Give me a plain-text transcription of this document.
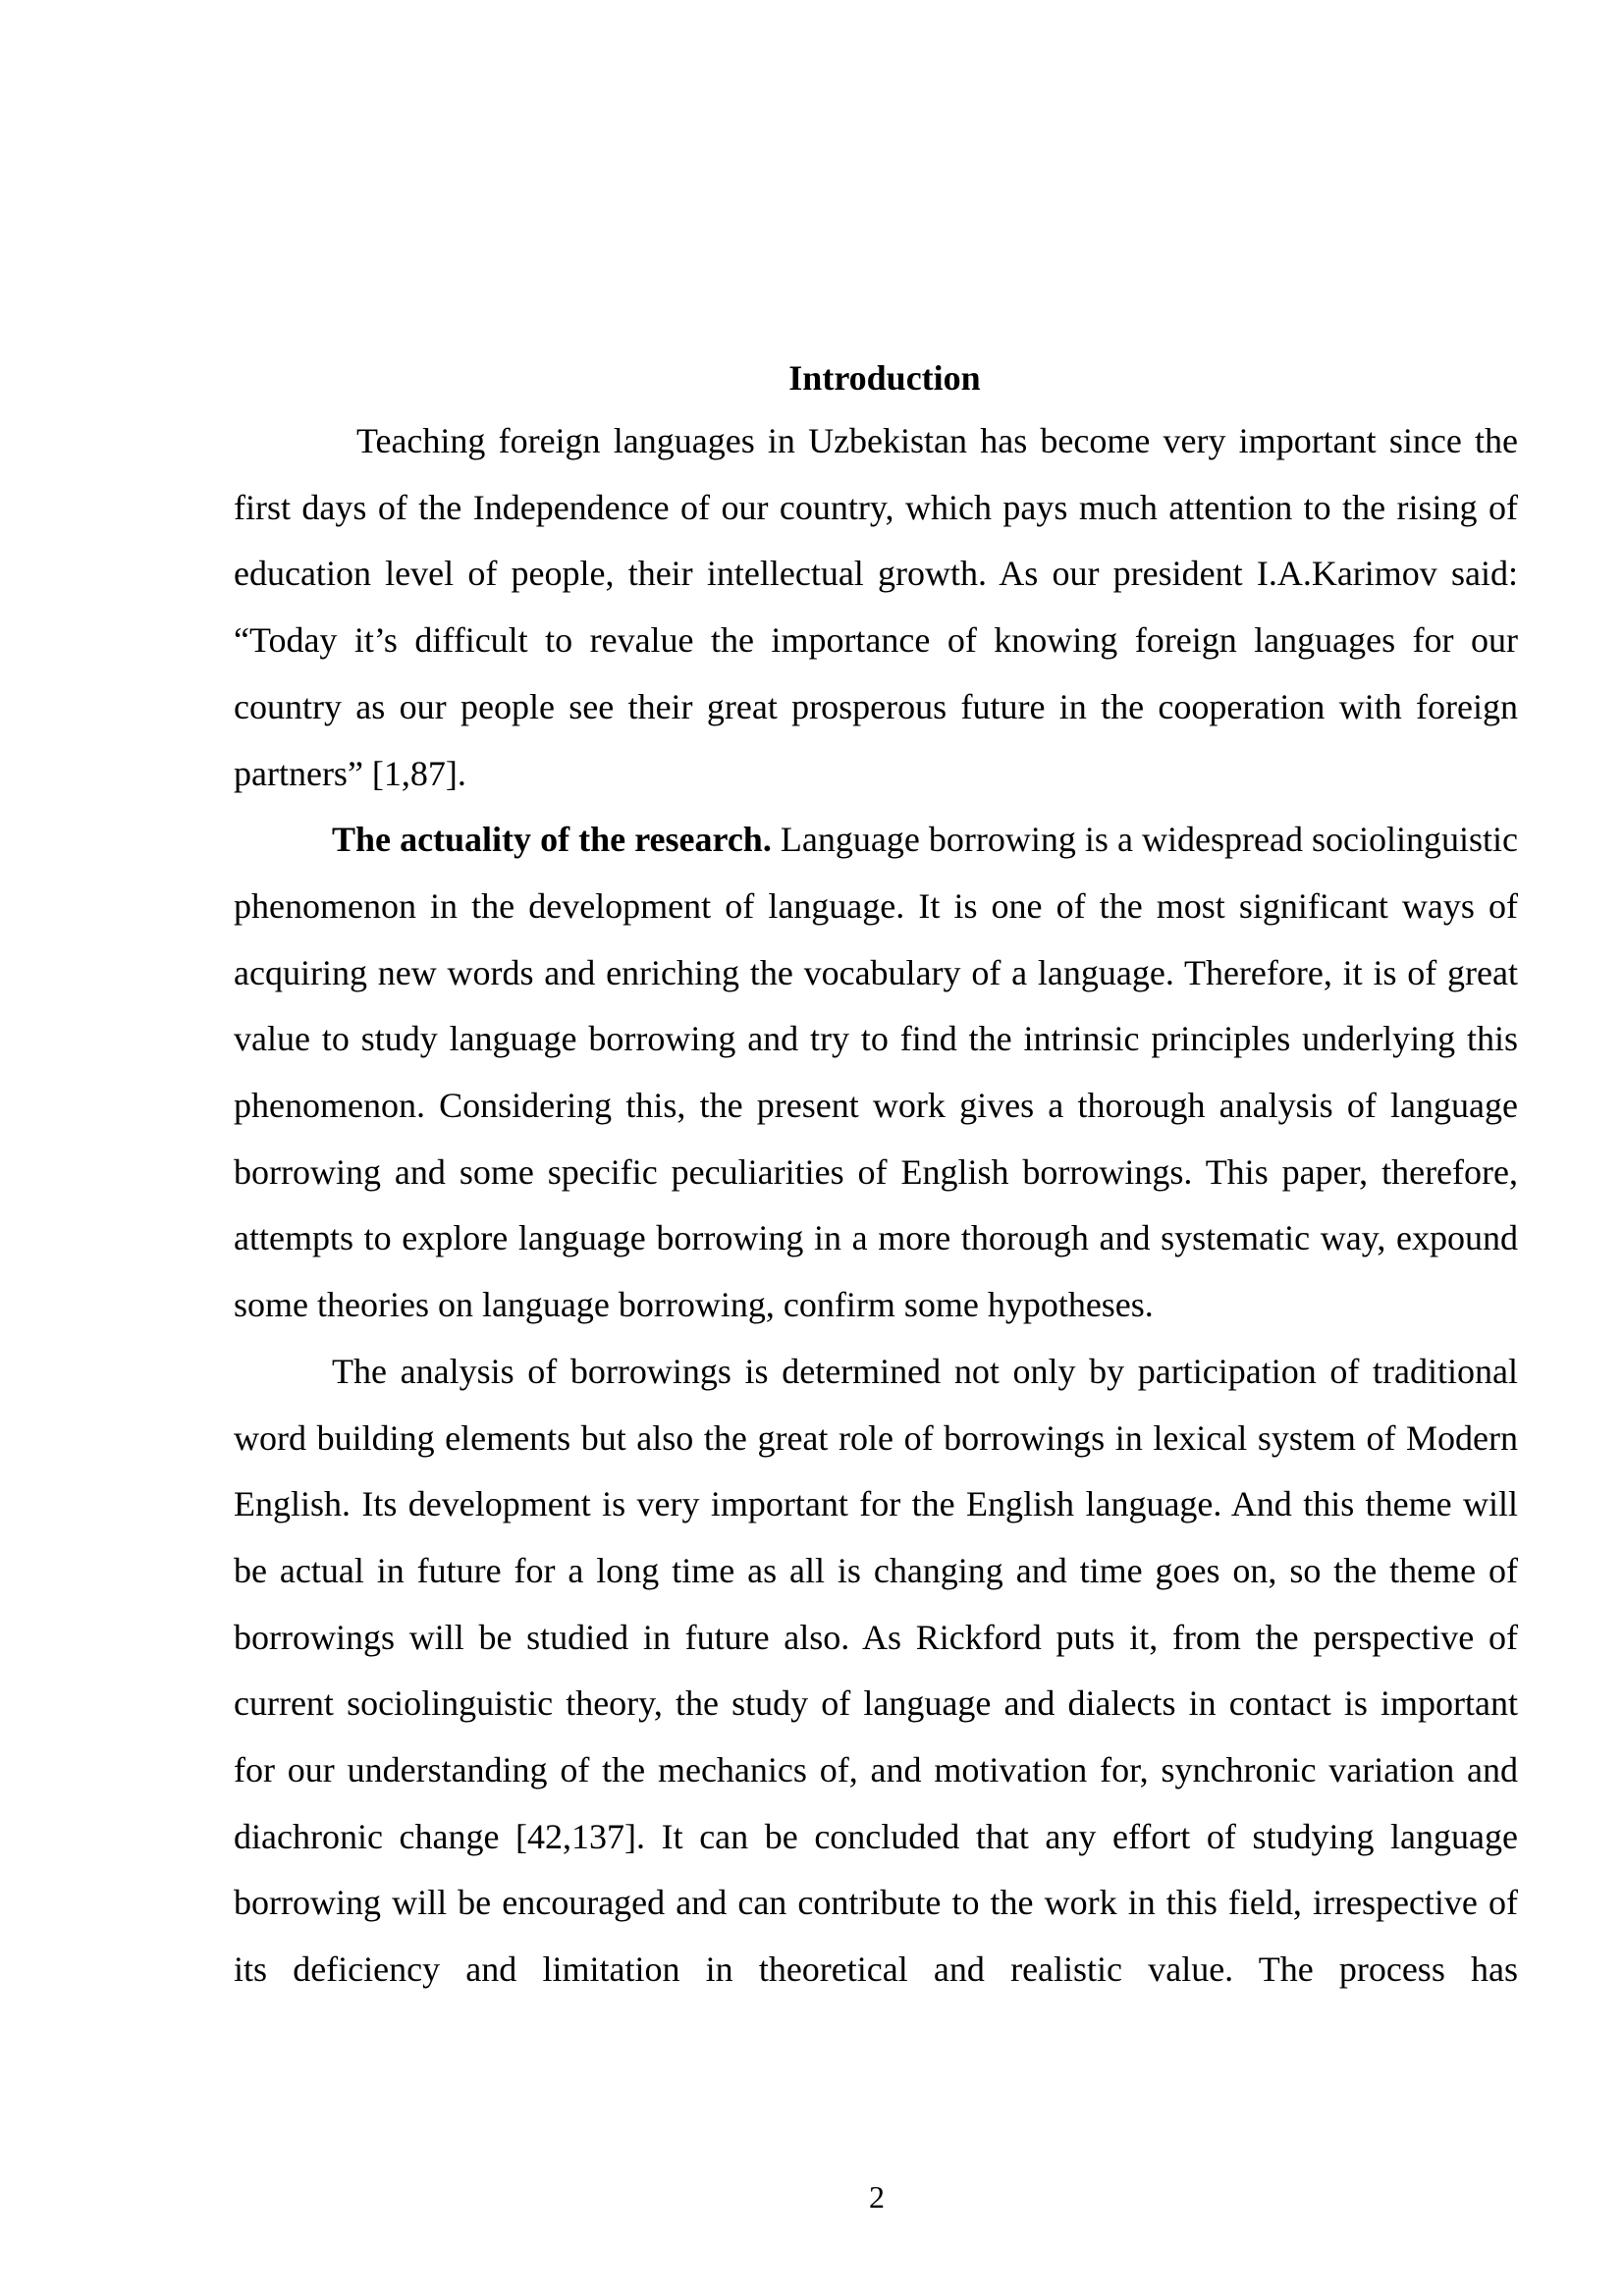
Introduction

Teaching foreign languages in Uzbekistan has become very important since the first days of the Independence of our country, which pays much attention to the rising of education level of people, their intellectual growth. As our president I.A.Karimov said: “Today it’s difficult to revalue the importance of knowing foreign languages for our country as our people see their great prosperous future in the cooperation with foreign partners” [1,87].

The actuality of the research. Language borrowing is a widespread sociolinguistic phenomenon in the development of language. It is one of the most significant ways of acquiring new words and enriching the vocabulary of a language. Therefore, it is of great value to study language borrowing and try to find the intrinsic principles underlying this phenomenon. Considering this, the present work gives a thorough analysis of language borrowing and some specific peculiarities of English borrowings. This paper, therefore, attempts to explore language borrowing in a more thorough and systematic way, expound some theories on language borrowing, confirm some hypotheses.

The analysis of borrowings is determined not only by participation of traditional word building elements but also the great role of borrowings in lexical system of Modern English. Its development is very important for the English language. And this theme will be actual in future for a long time as all is changing and time goes on, so the theme of borrowings will be studied in future also. As Rickford puts it, from the perspective of current sociolinguistic theory, the study of language and dialects in contact is important for our understanding of the mechanics of, and motivation for, synchronic variation and diachronic change [42,137]. It can be concluded that any effort of studying language borrowing will be encouraged and can contribute to the work in this field, irrespective of its deficiency and limitation in theoretical and realistic value. The process has

2
